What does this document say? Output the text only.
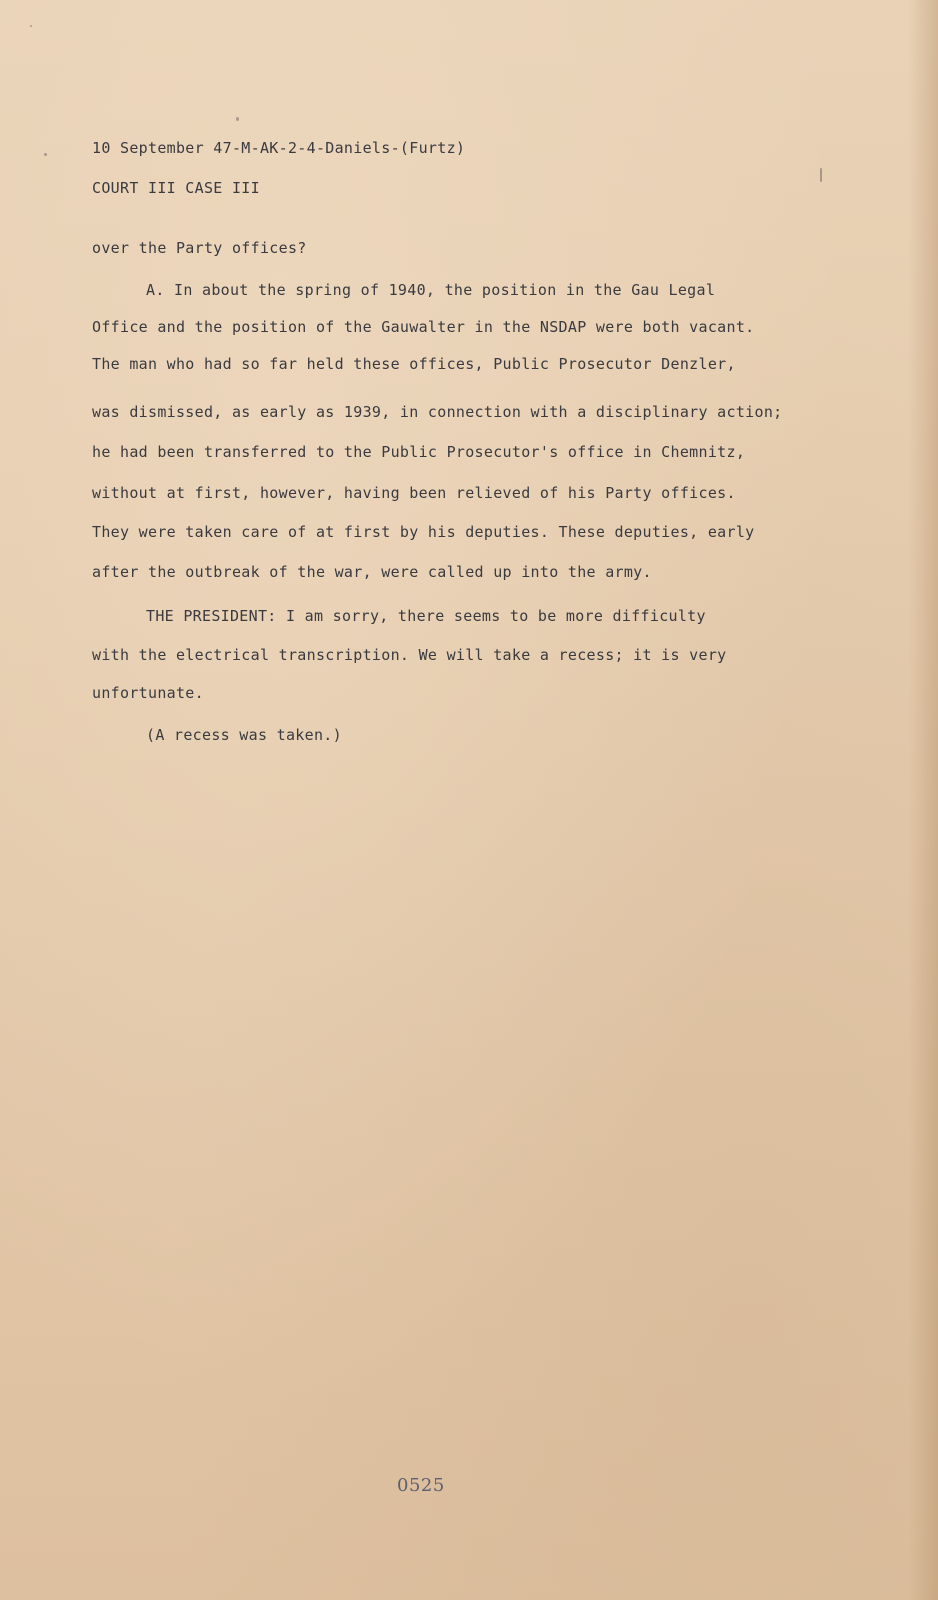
10 September 47-M-AK-2-4-Daniels-(Furtz)
COURT III CASE III
over the Party offices?
A. In about the spring of 1940, the position in the Gau Legal
Office and the position of the Gauwalter in the NSDAP were both vacant.
The man who had so far held these offices, Public Prosecutor Denzler,
was dismissed, as early as 1939, in connection with a disciplinary action;
he had been transferred to the Public Prosecutor's office in Chemnitz,
without at first, however, having been relieved of his Party offices.
They were taken care of at first by his deputies. These deputies, early
after the outbreak of the war, were called up into the army.
THE PRESIDENT: I am sorry, there seems to be more difficulty
with the electrical transcription. We will take a recess; it is very
unfortunate.
(A recess was taken.)
0525
